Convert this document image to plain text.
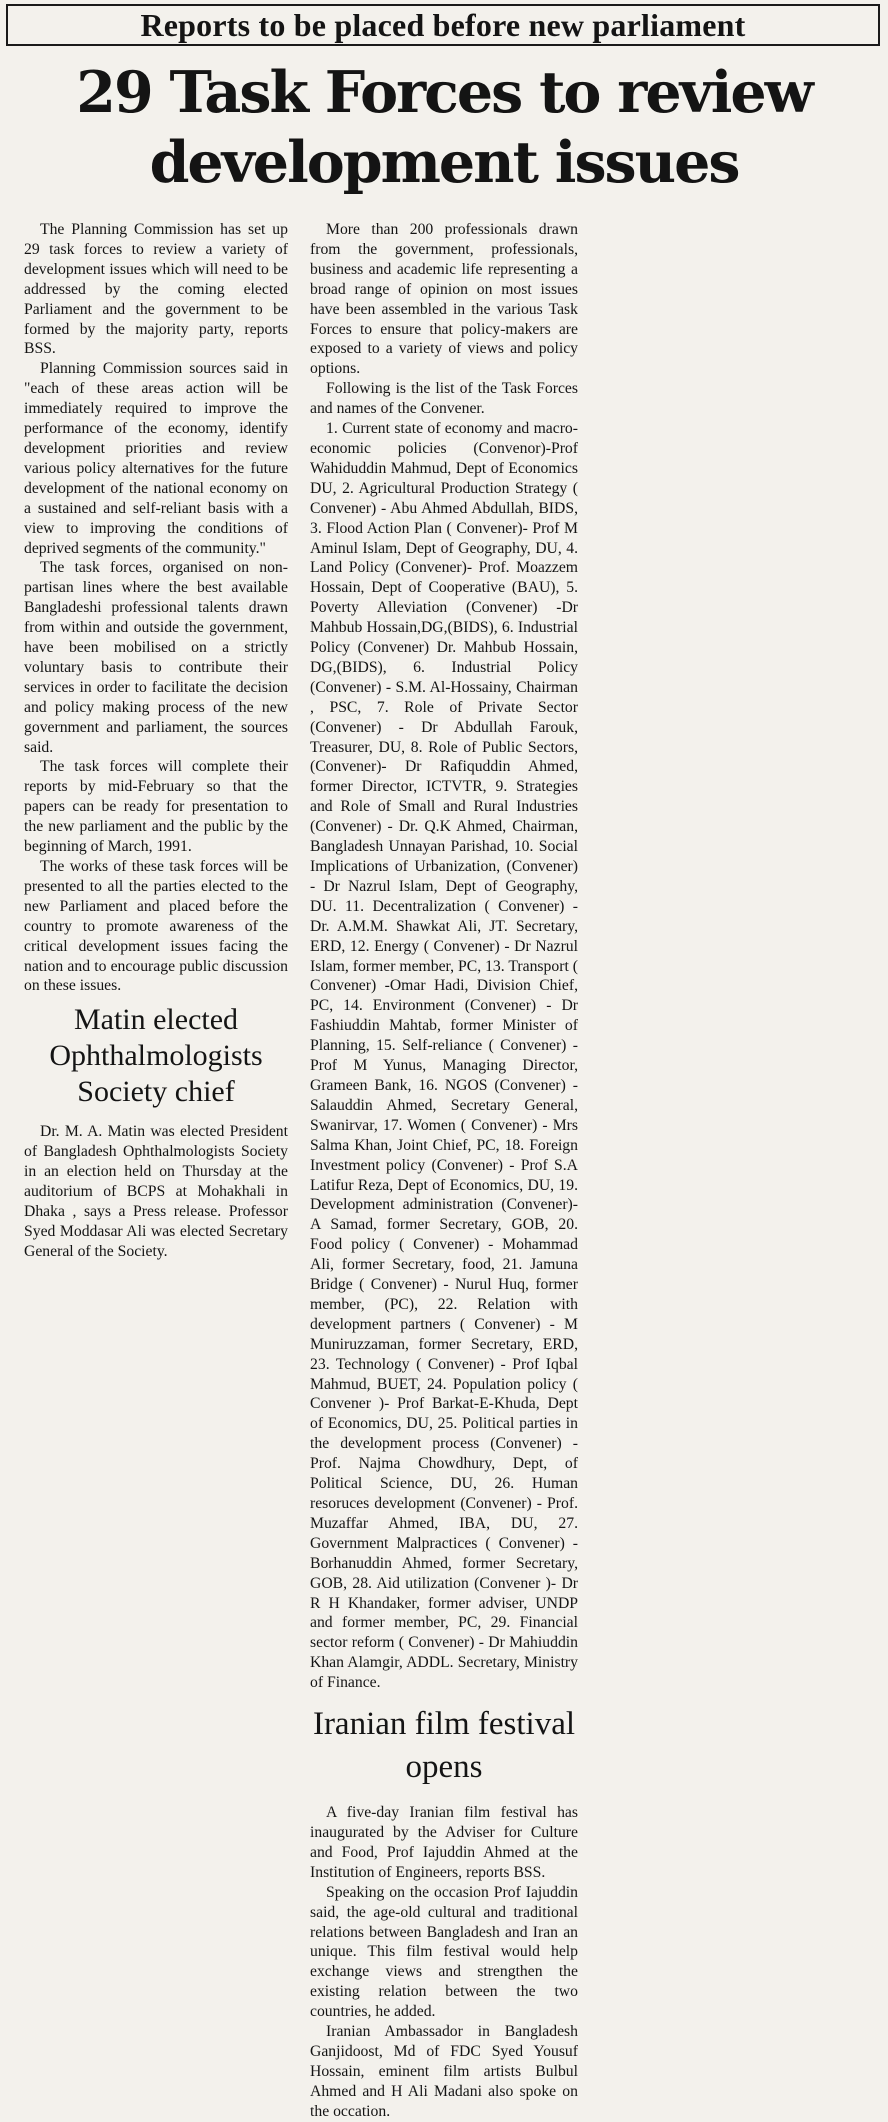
Reports to be placed before new parliament

29 Task Forces to review development issues

The Planning Commission has set up 29 task forces to review a variety of development issues which will need to be addressed by the coming elected Parliament and the government to be formed by the majority party, reports BSS.

Planning Commission sources said in "each of these areas action will be immediately required to improve the performance of the economy, identify development priorities and review various policy alternatives for the future development of the national economy on a sustained and self-reliant basis with a view to improving the conditions of deprived segments of the community."

The task forces, organised on non-partisan lines where the best available Bangladeshi professional talents drawn from within and outside the government, have been mobilised on a strictly voluntary basis to contribute their services in order to facilitate the decision and policy making process of the new government and parliament, the sources said.

The task forces will complete their reports by mid-February so that the papers can be ready for presentation to the new parliament and the public by the beginning of March, 1991.

The works of these task forces will be presented to all the parties elected to the new Parliament and placed before the country to promote awareness of the critical development issues facing the nation and to encourage public discussion on these issues.

Matin elected Ophthalmologists Society chief

Dr. M. A. Matin was elected President of Bangladesh Ophthalmologists Society in an election held on Thursday at the auditorium of BCPS at Mohakhali in Dhaka , says a Press release. Professor Syed Moddasar Ali was elected Secretary General of the Society.

More than 200 professionals drawn from the government, professionals, business and academic life representing a broad range of opinion on most issues have been assembled in the various Task Forces to ensure that policy-makers are exposed to a variety of views and policy options.

Following is the list of the Task Forces and names of the Convener.

1. Current state of economy and macro-economic policies (Convenor)-Prof Wahiduddin Mahmud, Dept of Economics DU, 2. Agricultural Production Strategy ( Convener) - Abu Ahmed Abdullah, BIDS, 3. Flood Action Plan ( Convener)- Prof M Aminul Islam, Dept of Geography, DU, 4. Land Policy (Convener)- Prof. Moazzem Hossain, Dept of Cooperative (BAU), 5. Poverty Alleviation (Convener) -Dr Mahbub Hossain,DG,(BIDS), 6. Industrial Policy (Convener) Dr. Mahbub Hossain, DG,(BIDS), 6. Industrial Policy (Convener) - S.M. Al-Hossainy, Chairman , PSC, 7. Role of Private Sector (Convener) - Dr Abdullah Farouk, Treasurer, DU, 8. Role of Public Sectors, (Convener)- Dr Rafiquddin Ahmed, former Director, ICTVTR, 9. Strategies and Role of Small and Rural Industries (Convener) - Dr. Q.K Ahmed, Chairman, Bangladesh Unnayan Parishad, 10. Social Implications of Urbanization, (Convener) - Dr Nazrul Islam, Dept of Geography, DU. 11. Decentralization ( Convener) - Dr. A.M.M. Shawkat Ali, JT. Secretary, ERD, 12. Energy ( Convener) - Dr Nazrul Islam, former member, PC, 13. Transport ( Convener) -Omar Hadi, Division Chief, PC, 14. Environment (Convener) - Dr Fashiuddin Mahtab, former Minister of Planning, 15. Self-reliance ( Convener) - Prof M Yunus, Managing Director, Grameen Bank, 16. NGOS (Convener) - Salauddin Ahmed, Secretary General, Swanirvar, 17. Women ( Convener) - Mrs Salma Khan, Joint Chief, PC, 18. Foreign Investment policy (Convener) - Prof S.A Latifur Reza, Dept of Economics, DU, 19. Development administration (Convener)- A Samad, former Secretary, GOB, 20. Food policy ( Convener) - Mohammad Ali, former Secretary, food, 21. Jamuna Bridge ( Convener) - Nurul Huq, former member, (PC), 22. Relation with development partners ( Convener) - M Muniruzzaman, former Secretary, ERD, 23. Technology ( Convener) - Prof Iqbal Mahmud, BUET, 24. Population policy ( Convener )- Prof Barkat-E-Khuda, Dept of Economics, DU, 25. Political parties in the development process (Convener) - Prof. Najma Chowdhury, Dept, of Political Science, DU, 26. Human resoruces development (Convener) - Prof. Muzaffar Ahmed, IBA, DU, 27. Government Malpractices ( Convener) - Borhanuddin Ahmed, former Secretary, GOB, 28. Aid utilization (Convener )- Dr R H Khandaker, former adviser, UNDP and former member, PC, 29. Financial sector reform ( Convener) - Dr Mahiuddin Khan Alamgir, ADDL. Secretary, Ministry of Finance.

Iranian film festival opens

A five-day Iranian film festival has inaugurated by the Adviser for Culture and Food, Prof Iajuddin Ahmed at the Institution of Engineers, reports BSS.

Speaking on the occasion Prof Iajuddin said, the age-old cultural and traditional relations between Bangladesh and Iran an unique. This film festival would help exchange views and strengthen the existing relation between the two countries, he added.

Iranian Ambassador in Bangladesh Ganjidoost, Md of FDC Syed Yousuf Hossain, eminent film artists Bulbul Ahmed and H Ali Madani also spoke on the occation.
